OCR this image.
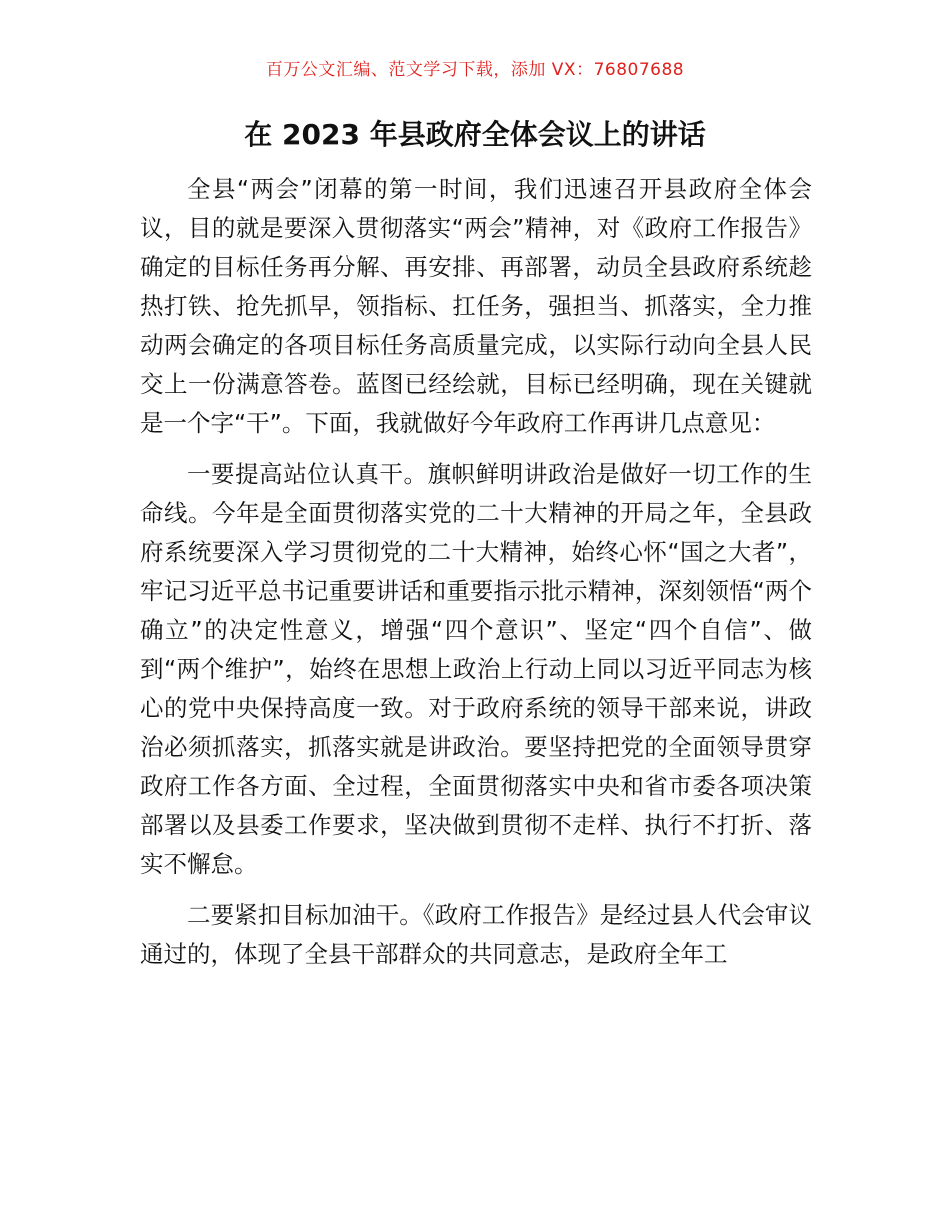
百万公文汇编、范文学习下载，添加 VX：76807688
在 2023 年县政府全体会议上的讲话

全县“两会”闭幕的第一时间，我们迅速召开县政府全体会议，目的就是要深入贯彻落实“两会”精神，对《政府工作报告》确定的目标任务再分解、再安排、再部署，动员全县政府系统趁热打铁、抢先抓早，领指标、扛任务，强担当、抓落实，全力推动两会确定的各项目标任务高质量完成，以实际行动向全县人民交上一份满意答卷。蓝图已经绘就，目标已经明确，现在关键就是一个字“干”。下面，我就做好今年政府工作再讲几点意见：

一要提高站位认真干。旗帜鲜明讲政治是做好一切工作的生命线。今年是全面贯彻落实党的二十大精神的开局之年，全县政府系统要深入学习贯彻党的二十大精神，始终心怀“国之大者”，牢记习近平总书记重要讲话和重要指示批示精神，深刻领悟“两个确立”的决定性意义，增强“四个意识”、坚定“四个自信”、做到“两个维护”，始终在思想上政治上行动上同以习近平同志为核心的党中央保持高度一致。对于政府系统的领导干部来说，讲政治必须抓落实，抓落实就是讲政治。要坚持把党的全面领导贯穿政府工作各方面、全过程，全面贯彻落实中央和省市委各项决策部署以及县委工作要求，坚决做到贯彻不走样、执行不打折、落实不懈怠。

二要紧扣目标加油干。《政府工作报告》是经过县人代会审议通过的，体现了全县干部群众的共同意志，是政府全年工
